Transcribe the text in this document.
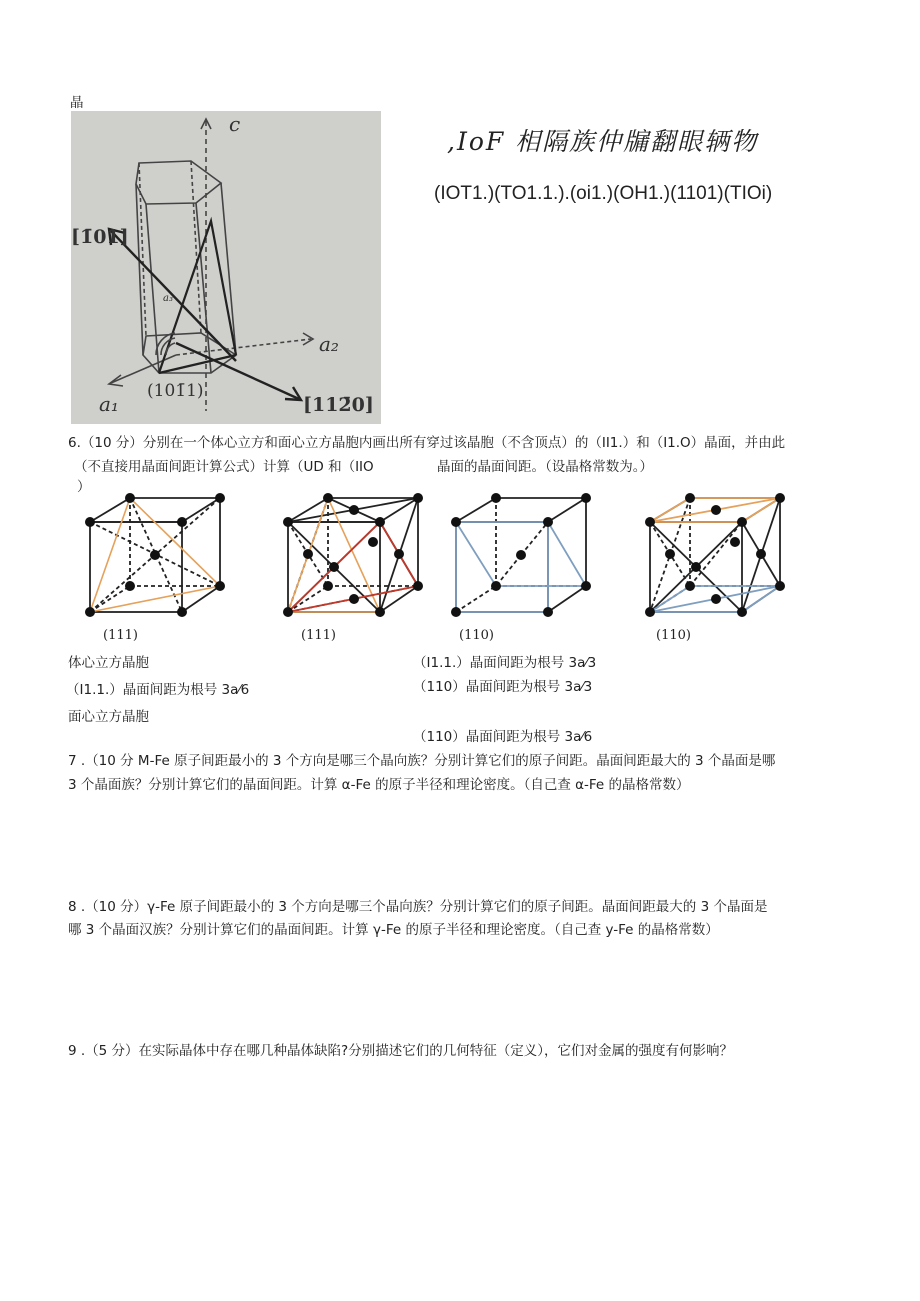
晶
c
a₂
a₁
a₃
[1̄01]
[112̄0]
(101̄1)
,IoF 相隔族仲牖翻眼辆物
(IOT1.)(TO1.1.).(oi1.)(OH1.)(1101)(TIOi)
6.（10 分）分别在一个体心立方和面心立方晶胞内画出所有穿过该晶胞（不含顶点）的（II1.）和（I1.O）晶面，并由此
（不直接用晶面间距计算公式）计算（UD 和（IIO	晶面的晶面间距。（设晶格常数为。）
）
(111)	(111)	(110)	(110)
体心立方晶胞
（I1.1.）晶面间距为根号 3a⁄6
面心立方晶胞
（I1.1.）晶面间距为根号 3a⁄3
（110）晶面间距为根号 3a⁄3
（110）晶面间距为根号 3a⁄6
7 .（10 分 M-Fe 原子间距最小的 3 个方向是哪三个晶向族？分别计算它们的原子间距。晶面间距最大的 3 个晶面是哪
3 个晶面族？分别计算它们的晶面间距。计算 α-Fe 的原子半径和理论密度。（自己查 α-Fe 的晶格常数）
8 .（10 分）γ-Fe 原子间距最小的 3 个方向是哪三个晶向族？分别计算它们的原子间距。晶面间距最大的 3 个晶面是
哪 3 个晶面汉族？分别计算它们的晶面间距。计算 γ-Fe 的原子半径和理论密度。（自己查 y-Fe 的晶格常数）
9 .（5 分）在实际晶体中存在哪几种晶体缺陷?分别描述它们的几何特征（定义），它们对金属的强度有何影响？
